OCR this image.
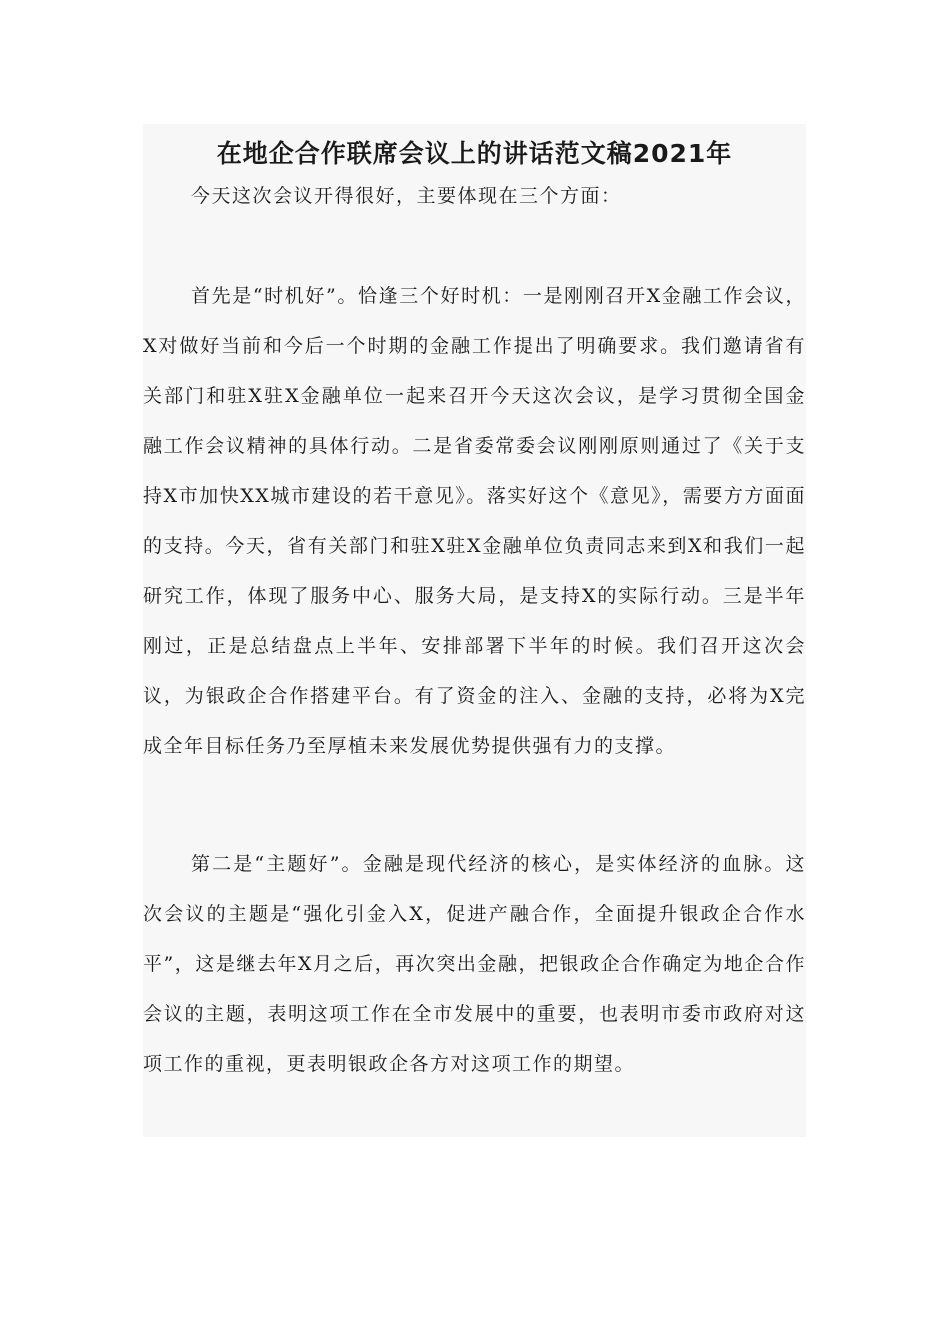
在地企合作联席会议上的讲话范文稿2021年

今天这次会议开得很好，主要体现在三个方面：

首先是“时机好”。恰逢三个好时机：一是刚刚召开X金融工作会议，X对做好当前和今后一个时期的金融工作提出了明确要求。我们邀请省有关部门和驻X驻X金融单位一起来召开今天这次会议，是学习贯彻全国金融工作会议精神的具体行动。二是省委常委会议刚刚原则通过了《关于支持X市加快XX城市建设的若干意见》。落实好这个《意见》，需要方方面面的支持。今天，省有关部门和驻X驻X金融单位负责同志来到X和我们一起研究工作，体现了服务中心、服务大局，是支持X的实际行动。三是半年刚过，正是总结盘点上半年、安排部署下半年的时候。我们召开这次会议，为银政企合作搭建平台。有了资金的注入、金融的支持，必将为X完成全年目标任务乃至厚植未来发展优势提供强有力的支撑。

第二是“主题好”。金融是现代经济的核心，是实体经济的血脉。这次会议的主题是“强化引金入X，促进产融合作，全面提升银政企合作水平”，这是继去年X月之后，再次突出金融，把银政企合作确定为地企合作会议的主题，表明这项工作在全市发展中的重要，也表明市委市政府对这项工作的重视，更表明银政企各方对这项工作的期望。
